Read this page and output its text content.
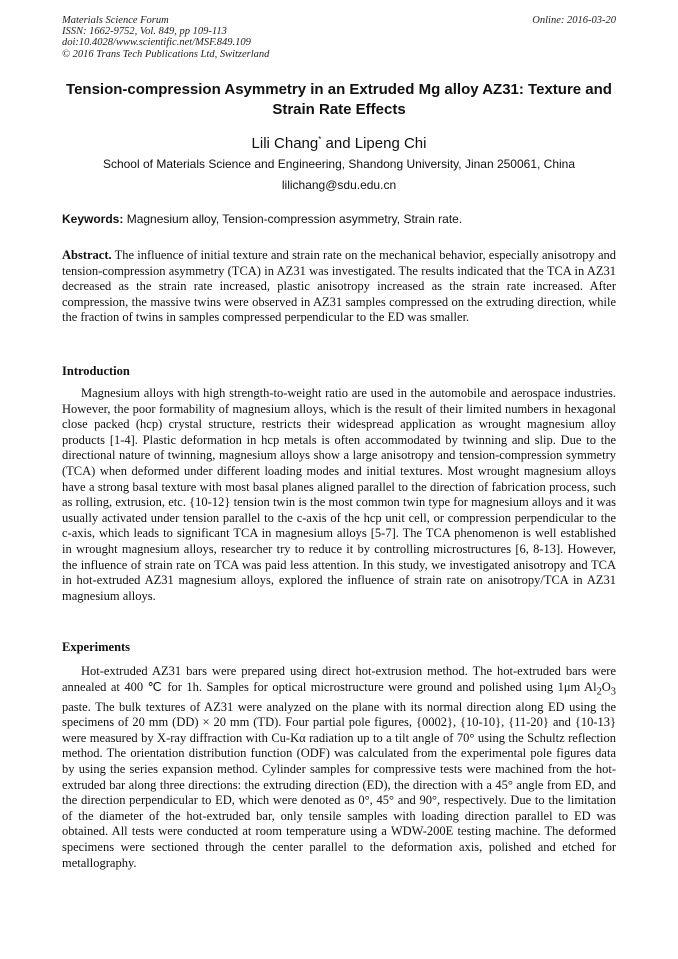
Materials Science Forum
ISSN: 1662-9752, Vol. 849, pp 109-113
doi:10.4028/www.scientific.net/MSF.849.109
© 2016 Trans Tech Publications Ltd, Switzerland
Online: 2016-03-20
Tension-compression Asymmetry in an Extruded Mg alloy AZ31: Texture and Strain Rate Effects
Lili Chang* and Lipeng Chi
School of Materials Science and Engineering, Shandong University, Jinan 250061, China
lilichang@sdu.edu.cn
Keywords: Magnesium alloy, Tension-compression asymmetry, Strain rate.
Abstract. The influence of initial texture and strain rate on the mechanical behavior, especially anisotropy and tension-compression asymmetry (TCA) in AZ31 was investigated. The results indicated that the TCA in AZ31 decreased as the strain rate increased, plastic anisotropy increased as the strain rate increased. After compression, the massive twins were observed in AZ31 samples compressed on the extruding direction, while the fraction of twins in samples compressed perpendicular to the ED was smaller.
Introduction

Magnesium alloys with high strength-to-weight ratio are used in the automobile and aerospace industries. However, the poor formability of magnesium alloys, which is the result of their limited numbers in hexagonal close packed (hcp) crystal structure, restricts their widespread application as wrought magnesium alloy products [1-4]. Plastic deformation in hcp metals is often accommodated by twinning and slip. Due to the directional nature of twinning, magnesium alloys show a large anisotropy and tension-compression symmetry (TCA) when deformed under different loading modes and initial textures. Most wrought magnesium alloys have a strong basal texture with most basal planes aligned parallel to the direction of fabrication process, such as rolling, extrusion, etc. {10-12} tension twin is the most common twin type for magnesium alloys and it was usually activated under tension parallel to the c-axis of the hcp unit cell, or compression perpendicular to the c-axis, which leads to significant TCA in magnesium alloys [5-7]. The TCA phenomenon is well established in wrought magnesium alloys, researcher try to reduce it by controlling microstructures [6, 8-13]. However, the influence of strain rate on TCA was paid less attention. In this study, we investigated anisotropy and TCA in hot-extruded AZ31 magnesium alloys, explored the influence of strain rate on anisotropy/TCA in AZ31 magnesium alloys.

Experiments

Hot-extruded AZ31 bars were prepared using direct hot-extrusion method. The hot-extruded bars were annealed at 400 ℃ for 1h. Samples for optical microstructure were ground and polished using 1μm $Al_2O_3$ paste. The bulk textures of AZ31 were analyzed on the plane with its normal direction along ED using the specimens of 20 mm (DD) × 20 mm (TD). Four partial pole figures, {0002}, {10-10}, {11-20} and {10-13} were measured by X-ray diffraction with Cu-Kα radiation up to a tilt angle of 70° using the Schultz reflection method. The orientation distribution function (ODF) was calculated from the experimental pole figures data by using the series expansion method. Cylinder samples for compressive tests were machined from the hot-extruded bar along three directions: the extruding direction (ED), the direction with a 45° angle from ED, and the direction perpendicular to ED, which were denoted as 0°, 45° and 90°, respectively. Due to the limitation of the diameter of the hot-extruded bar, only tensile samples with loading direction parallel to ED was obtained. All tests were conducted at room temperature using a WDW-200E testing machine. The deformed specimens were sectioned through the center parallel to the deformation axis, polished and etched for metallography.
